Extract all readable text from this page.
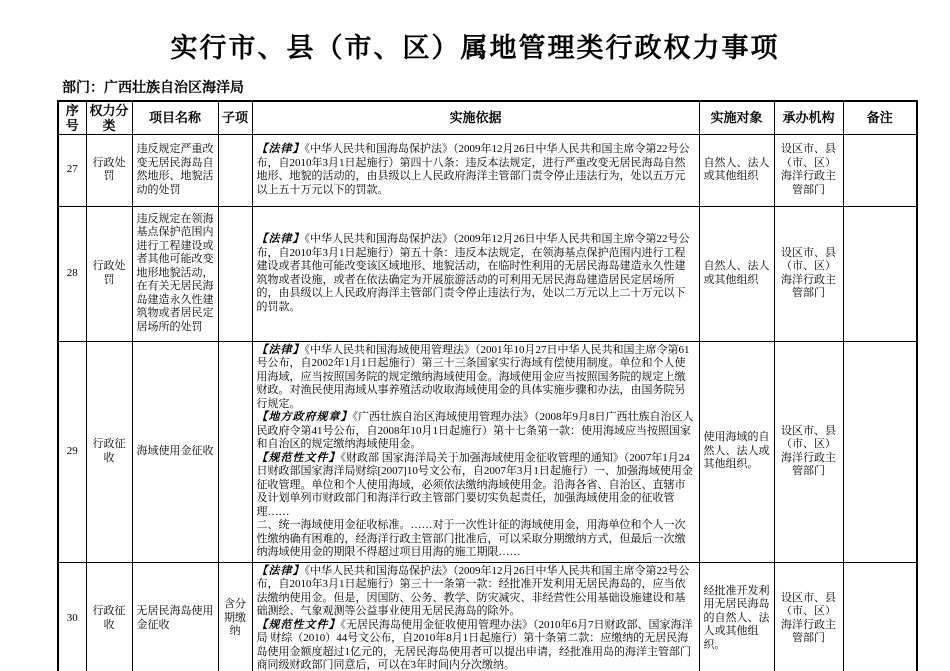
实行市、县（市、区）属地管理类行政权力事项
部门：广西壮族自治区海洋局
序号	权力分类	项目名称	子项	实施依据	实施对象	承办机构	备注
27	行政处罚	违反规定严重改变无居民海岛自然地形、地貌活动的处罚		【法律】《中华人民共和国海岛保护法》（2009年12月26日中华人民共和国主席令第22号公布，自2010年3月1日起施行）第四十八条：违反本法规定，进行严重改变无居民海岛自然地形、地貌的活动的，由县级以上人民政府海洋主管部门责令停止违法行为，处以五万元以上五十万元以下的罚款。	自然人、法人或其他组织	设区市、县（市、区）海洋行政主管部门	
28	行政处罚	违反规定在领海基点保护范围内进行工程建设或者其他可能改变地形地貌活动，在有关无居民海岛建造永久性建筑物或者居民定居场所的处罚		【法律】《中华人民共和国海岛保护法》（2009年12月26日中华人民共和国主席令第22号公布，自2010年3月1日起施行）第五十条：违反本法规定，在领海基点保护范围内进行工程建设或者其他可能改变该区域地形、地貌活动，在临时性利用的无居民海岛建造永久性建筑物或者设施，或者在依法确定为开展旅游活动的可利用无居民海岛建造居民定居场所的，由县级以上人民政府海洋主管部门责令停止违法行为，处以二万元以上二十万元以下的罚款。	自然人、法人或其他组织	设区市、县（市、区）海洋行政主管部门	
29	行政征收	海域使用金征收		【法律】《中华人民共和国海域使用管理法》（2001年10月27日中华人民共和国主席令第61号公布，自2002年1月1日起施行）第三十三条国家实行海域有偿使用制度。单位和个人使用海域，应当按照国务院的规定缴纳海域使用金。海域使用金应当按照国务院的规定上缴财政。对渔民使用海域从事养殖活动收取海域使用金的具体实施步骤和办法，由国务院另行规定。

【地方政府规章】《广西壮族自治区海域使用管理办法》（2008年9月8日广西壮族自治区人民政府令第41号公布，自2008年10月1日起施行）第十七条第一款：使用海域应当按照国家和自治区的规定缴纳海域使用金。

【规范性文件】《财政部 国家海洋局关于加强海域使用金征收管理的通知》（2007年1月24日财政部国家海洋局财综[2007]10号文公布，自2007年3月1日起施行）一、加强海域使用金征收管理。单位和个人使用海域，必须依法缴纳海域使用金。沿海各省、自治区、直辖市及计划单列市财政部门和海洋行政主管部门要切实负起责任，加强海域使用金的征收管理……

二、统一海域使用金征收标准。……对于一次性计征的海域使用金，用海单位和个人一次性缴纳确有困难的，经海洋行政主管部门批准后，可以采取分期缴纳方式，但最后一次缴纳海域使用金的期限不得超过项目用海的施工期限……	使用海域的自然人、法人或其他组织。	设区市、县（市、区）海洋行政主管部门	
30	行政征收	无居民海岛使用金征收	含分期缴纳	【法律】《中华人民共和国海岛保护法》（2009年12月26日中华人民共和国主席令第22号公布，自2010年3月1日起施行）第三十一条第一款：经批准开发利用无居民海岛的，应当依法缴纳使用金。但是，因国防、公务、教学、防灾减灾、非经营性公用基础设施建设和基础测绘、气象观测等公益事业使用无居民海岛的除外。

【规范性文件】《无居民海岛使用金征收使用管理办法》（2010年6月7日财政部、国家海洋局 财综（2010）44号文公布，自2010年8月1日起施行）第十条第二款：应缴纳的无居民海岛使用金额度超过1亿元的，无居民海岛使用者可以提出申请，经批准用岛的海洋主管部门商同级财政部门同意后，可以在3年时间内分次缴纳。	经批准开发利用无居民海岛的自然人、法人或其他组织。	设区市、县（市、区）海洋行政主管部门	
